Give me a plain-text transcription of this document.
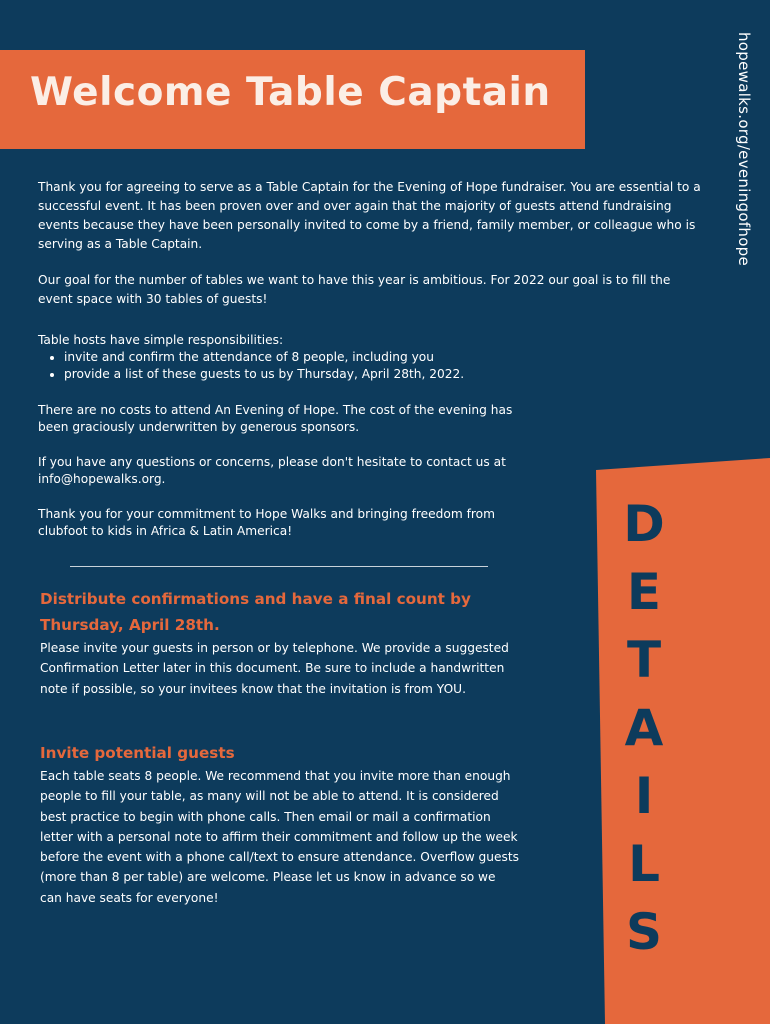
Welcome Table Captain	hopewalks.org/eveningofhope

Thank you for agreeing to serve as a Table Captain for the Evening of Hope fundraiser. You are essential to a successful event. It has been proven over and over again that the majority of guests attend fundraising events because they have been personally invited to come by a friend, family member, or colleague who is serving as a Table Captain.

Our goal for the number of tables we want to have this year is ambitious. For 2022 our goal is to fill the event space with 30 tables of guests!

Table hosts have simple responsibilities:

• invite and confirm the attendance of 8 people, including you
• provide a list of these guests to us by Thursday, April 28th, 2022.

There are no costs to attend An Evening of Hope. The cost of the evening has been graciously underwritten by generous sponsors.

If you have any questions or concerns, please don't hesitate to contact us at info@hopewalks.org.

Thank you for your commitment to Hope Walks and bringing freedom from clubfoot to kids in Africa & Latin America!

Distribute confirmations and have a final count by Thursday, April 28th.

Please invite your guests in person or by telephone. We provide a suggested Confirmation Letter later in this document. Be sure to include a handwritten note if possible, so your invitees know that the invitation is from YOU.

Invite potential guests

Each table seats 8 people. We recommend that you invite more than enough people to fill your table, as many will not be able to attend. It is considered best practice to begin with phone calls. Then email or mail a confirmation letter with a personal note to affirm their commitment and follow up the week before the event with a phone call/text to ensure attendance. Overflow guests (more than 8 per table) are welcome. Please let us know in advance so we can have seats for everyone!

D
E
T
A
I
L
S
